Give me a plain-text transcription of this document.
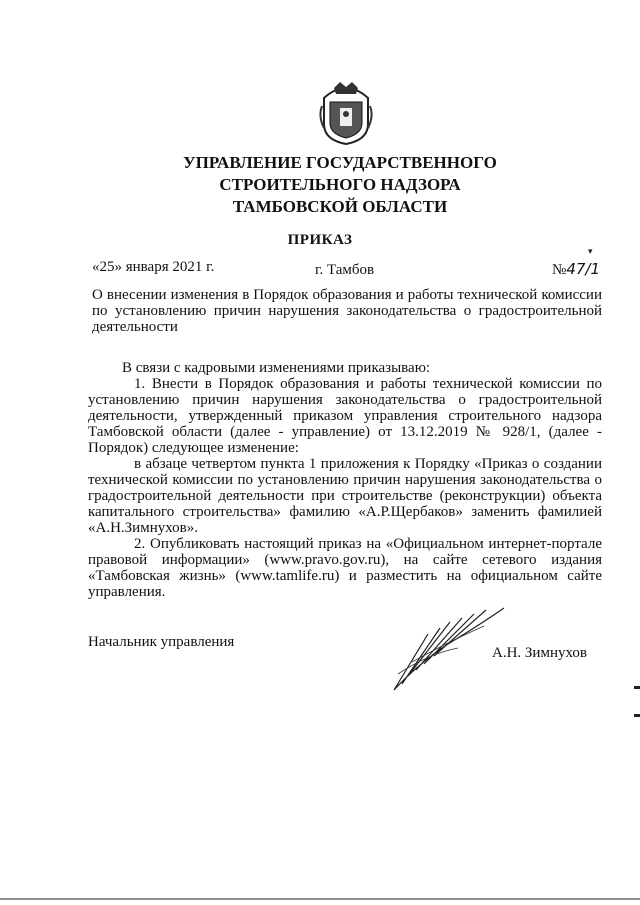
УПРАВЛЕНИЕ ГОСУДАРСТВЕННОГО
СТРОИТЕЛЬНОГО НАДЗОРА
ТАМБОВСКОЙ ОБЛАСТИ
ПРИКАЗ
«25» января 2021 г.	г. Тамбов	№47/1
▾
О внесении изменения в Порядок образования и работы технической комиссии по установлению причин нарушения законодательства о градостроительной деятельности

В связи с кадровыми изменениями приказываю:

1. Внести в Порядок образования и работы технической комиссии по установлению причин нарушения законодательства о градостроительной деятельности, утвержденный приказом управления строительного надзора Тамбовской области (далее - управление) от 13.12.2019 № 928/1, (далее - Порядок) следующее изменение:

в абзаце четвертом пункта 1 приложения к Порядку «Приказ о создании технической комиссии по установлению причин нарушения законодательства о градостроительной деятельности при строительстве (реконструкции) объекта капитального строительства» фамилию «А.Р.Щербаков» заменить фамилией «А.Н.Зимнухов».

2. Опубликовать настоящий приказ на «Официальном интернет-портале правовой информации» (www.pravo.gov.ru), на сайте сетевого издания «Тамбовская жизнь» (www.tamlife.ru) и разместить на официальном сайте управления.

Начальник управления
А.Н. Зимнухов
